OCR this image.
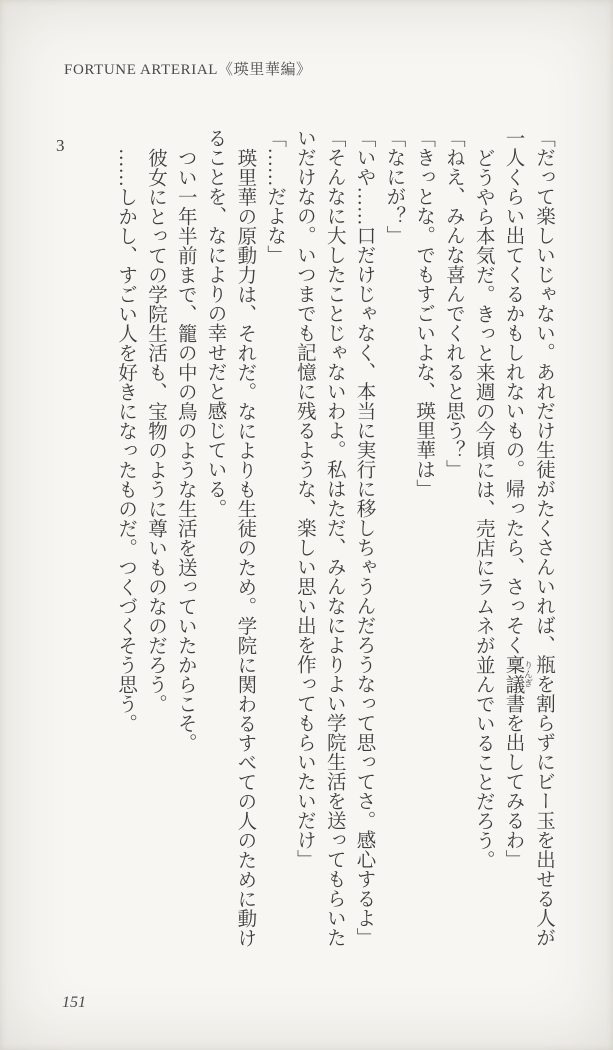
FORTUNE ARTERIAL《瑛里華編》
3	「だって楽しいじゃない。あれだけ生徒がたくさんいれば、瓶を割らずにビー玉を出せる人が一人くらい出てくるかもしれないもの。帰ったら、さっそく稟議 りんぎ書を出してみるわ」

どうやら本気だ。きっと来週の今頃には、売店にラムネが並んでいることだろう。

「ねえ、みんな喜んでくれると思う？」

「きっとな。でもすごいよな、瑛里華は」

「なにが？」

「いや……口だけじゃなく、本当に実行に移しちゃうんだろうなって思ってさ。感心するよ」

「そんなに大したことじゃないわよ。私はただ、みんなによりよい学院生活を送ってもらいたいだけなの。いつまでも記憶に残るような、楽しい思い出を作ってもらいたいだけ」

「……だよな」

瑛里華の原動力は、それだ。なによりも生徒のため。学院に関わるすべての人のために動けることを、なによりの幸せだと感じている。

つい一年半前まで、籠の中の鳥のような生活を送っていたからこそ。

彼女にとっての学院生活も、宝物のように尊いものなのだろう。

……しかし、すごい人を好きになったものだ。つくづくそう思う。

151
